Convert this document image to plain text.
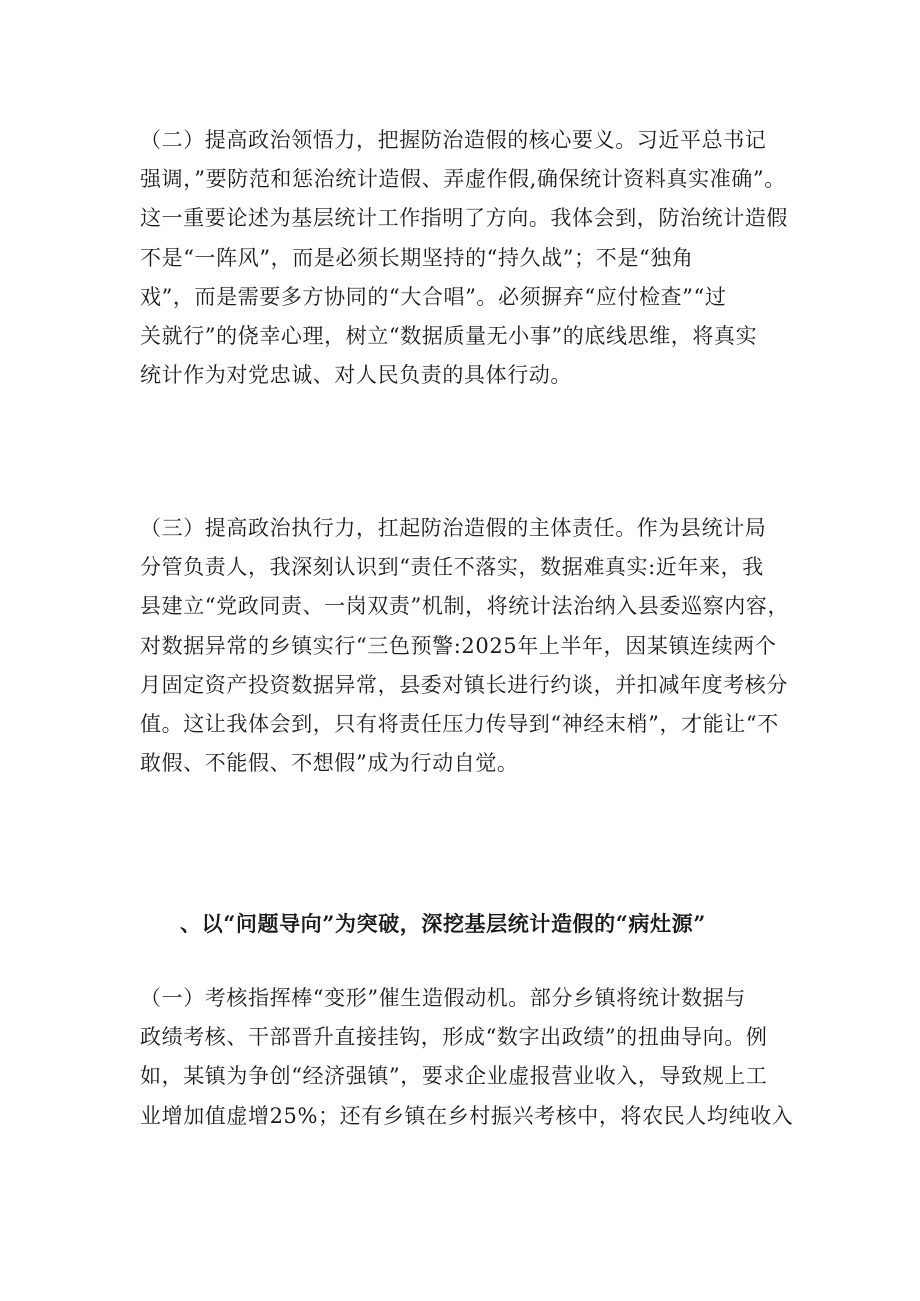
（二）提高政治领悟力，把握防治造假的核心要义。习近平总书记
强调，”要防范和惩治统计造假、弄虚作假,确保统计资料真实准确”。
这一重要论述为基层统计工作指明了方向。我体会到，防治统计造假
不是“一阵风”，而是必须长期坚持的“持久战”；不是“独角
戏”，而是需要多方协同的“大合唱”。必须摒弃“应付检查”“过
关就行”的侥幸心理，树立“数据质量无小事”的底线思维，将真实
统计作为对党忠诚、对人民负责的具体行动。

（三）提高政治执行力，扛起防治造假的主体责任。作为县统计局
分管负责人，我深刻认识到“责任不落实，数据难真实:近年来，我
县建立“党政同责、一岗双责”机制，将统计法治纳入县委巡察内容，
对数据异常的乡镇实行“三色预警:2025年上半年，因某镇连续两个
月固定资产投资数据异常，县委对镇长进行约谈，并扣减年度考核分
值。这让我体会到，只有将责任压力传导到“神经末梢”，才能让“不
敢假、不能假、不想假”成为行动自觉。

、以“问题导向”为突破，深挖基层统计造假的“病灶源”

（一）考核指挥棒“变形”催生造假动机。部分乡镇将统计数据与
政绩考核、干部晋升直接挂钩，形成“数字出政绩”的扭曲导向。例
如，某镇为争创“经济强镇”，要求企业虚报营业收入，导致规上工
业增加值虚增25%；还有乡镇在乡村振兴考核中，将农民人均纯收入
